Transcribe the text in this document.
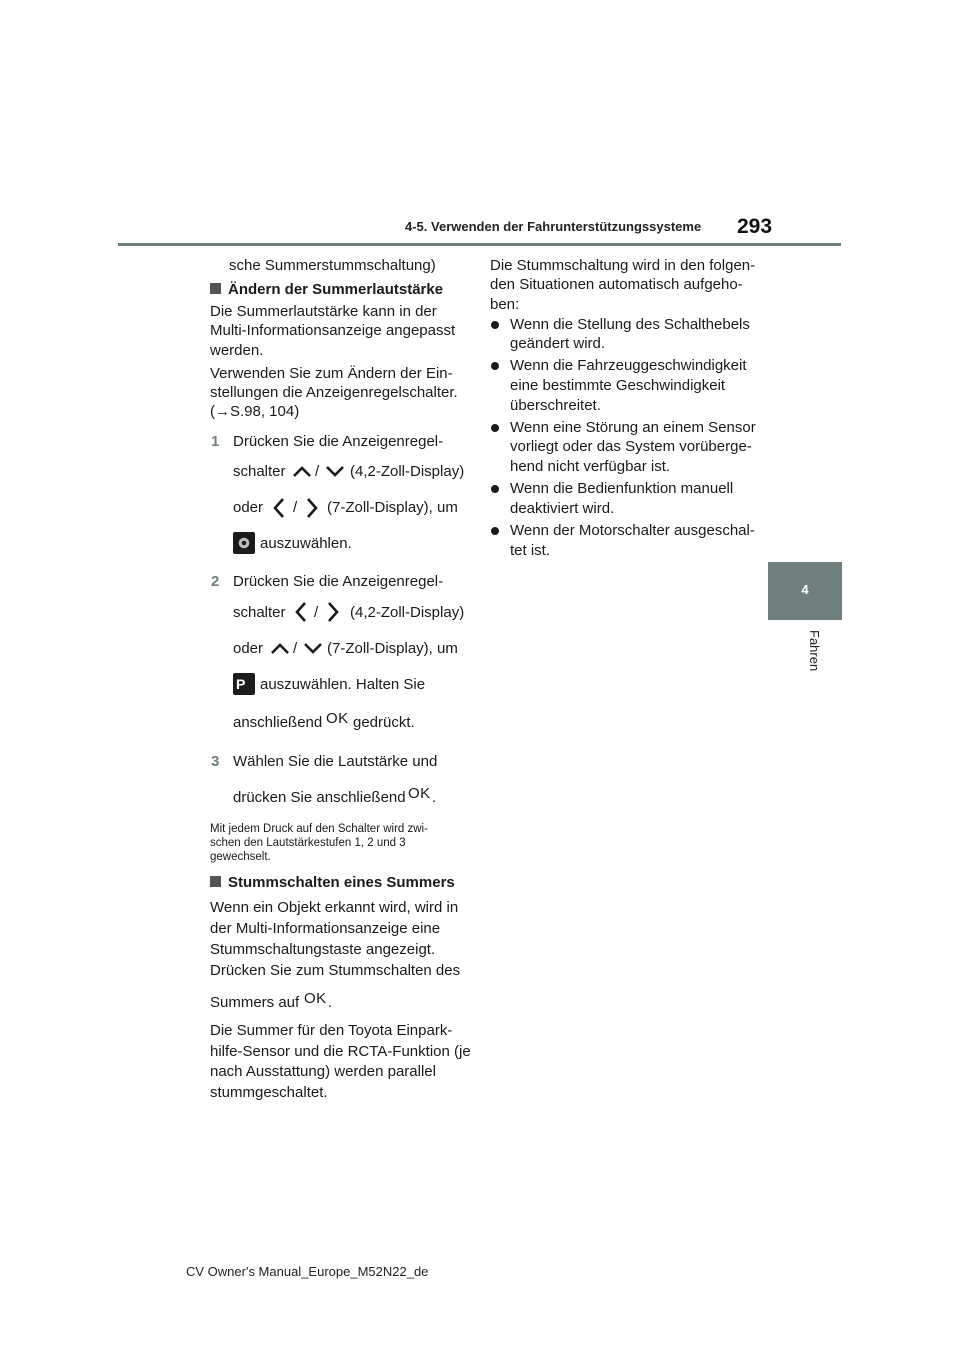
4-5. Verwenden der Fahrunterstützungssysteme 293
4
Fahren
sche Summerstummschaltung)
Ändern der Summerlautstärke
Die Summerlautstärke kann in der
Multi-Informationsanzeige angepasst
werden.
Verwenden Sie zum Ändern der Ein-
stellungen die Anzeigenregelschalter.
(→S.98, 104)
1 Drücken Sie die Anzeigenregel-
schalter / (4,2-Zoll-Display)
oder / (7-Zoll-Display), um
auszuwählen.
2 Drücken Sie die Anzeigenregel-
schalter / (4,2-Zoll-Display)
oder / (7-Zoll-Display), um
P auszuwählen. Halten Sie
anschließend OK gedrückt.
3 Wählen Sie die Lautstärke und
drücken Sie anschließend OK .
Mit jedem Druck auf den Schalter wird zwi-
schen den Lautstärkestufen 1, 2 und 3
gewechselt.
Stummschalten eines Summers
Wenn ein Objekt erkannt wird, wird in
der Multi-Informationsanzeige eine
Stummschaltungstaste angezeigt.
Drücken Sie zum Stummschalten des
Summers auf OK .
Die Summer für den Toyota Einpark-
hilfe-Sensor und die RCTA-Funktion (je
nach Ausstattung) werden parallel
stummgeschaltet.
Die Stummschaltung wird in den folgen-
den Situationen automatisch aufgeho-
ben:
Wenn die Stellung des Schalthebels
geändert wird.
Wenn die Fahrzeuggeschwindigkeit
eine bestimmte Geschwindigkeit
überschreitet.
Wenn eine Störung an einem Sensor
vorliegt oder das System vorüberge-
hend nicht verfügbar ist.
Wenn die Bedienfunktion manuell
deaktiviert wird.
Wenn der Motorschalter ausgeschal-
tet ist.
CV Owner's Manual_Europe_M52N22_de
